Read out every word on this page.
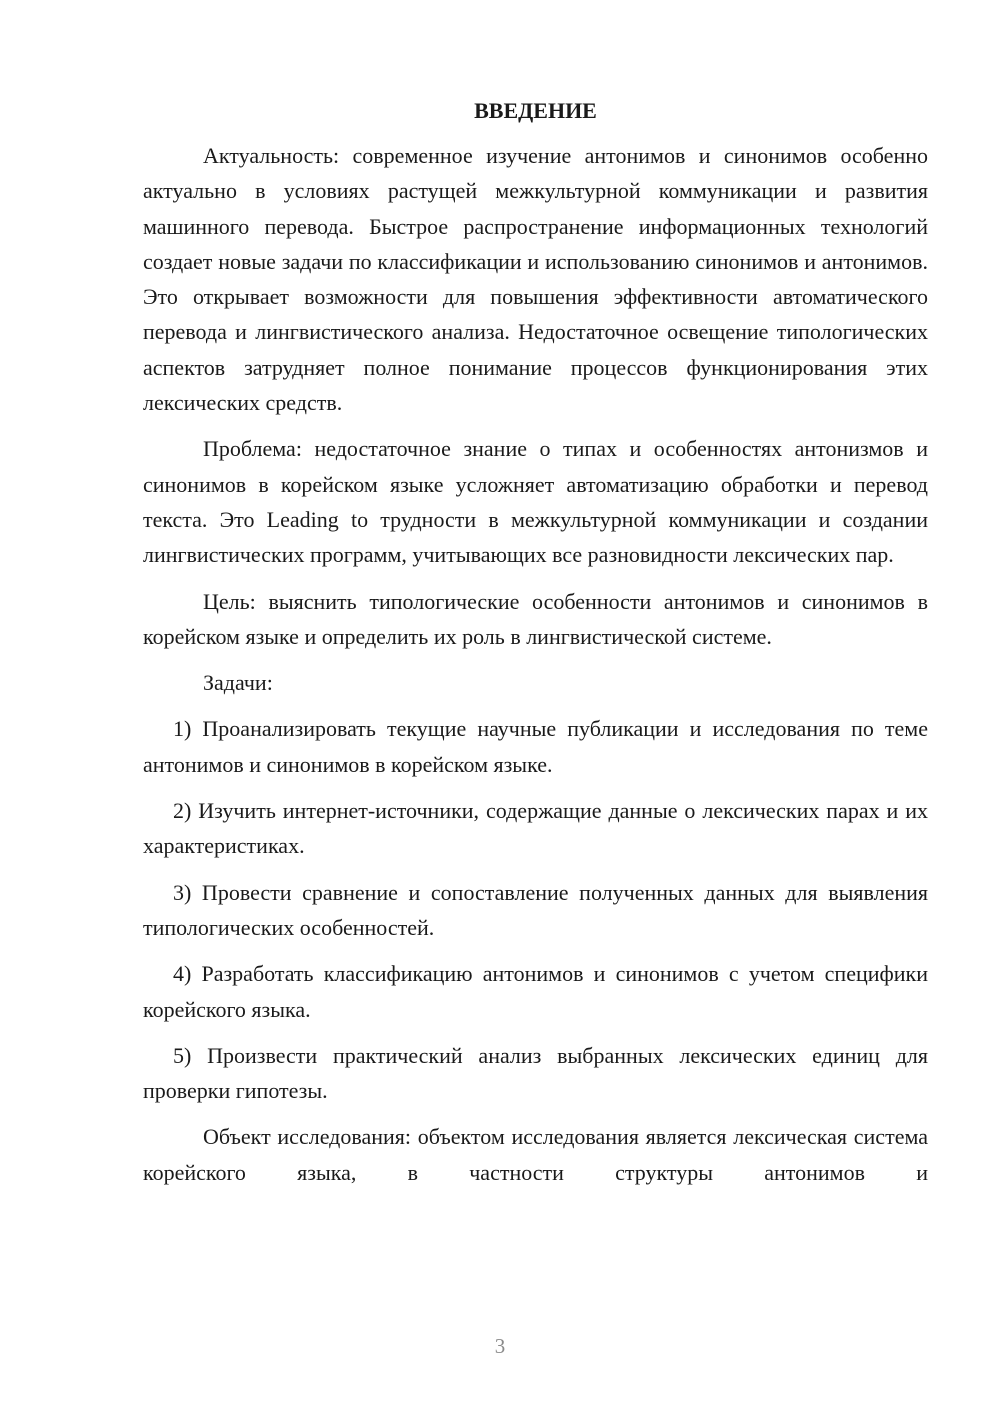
ВВЕДЕНИЕ

Актуальность: современное изучение антонимов и синонимов особенно актуально в условиях растущей межкультурной коммуникации и развития машинного перевода. Быстрое распространение информационных технологий создает новые задачи по классификации и использованию синонимов и антонимов. Это открывает возможности для повышения эффективности автоматического перевода и лингвистического анализа. Недостаточное освещение типологических аспектов затрудняет полное понимание процессов функционирования этих лексических средств.

Проблема: недостаточное знание о типах и особенностях антонизмов и синонимов в корейском языке усложняет автоматизацию обработки и перевод текста. Это Leading to трудности в межкультурной коммуникации и создании лингвистических программ, учитывающих все разновидности лексических пар.

Цель: выяснить типологические особенности антонимов и синонимов в корейском языке и определить их роль в лингвистической системе.

Задачи:

1) Проанализировать текущие научные публикации и исследования по теме антонимов и синонимов в корейском языке.

2) Изучить интернет-источники, содержащие данные о лексических парах и их характеристиках.

3) Провести сравнение и сопоставление полученных данных для выявления типологических особенностей.

4) Разработать классификацию антонимов и синонимов с учетом специфики корейского языка.

5) Произвести практический анализ выбранных лексических единиц для проверки гипотезы.

Объект исследования: объектом исследования является лексическая система корейского языка, в частности структуры антонимов и

3
